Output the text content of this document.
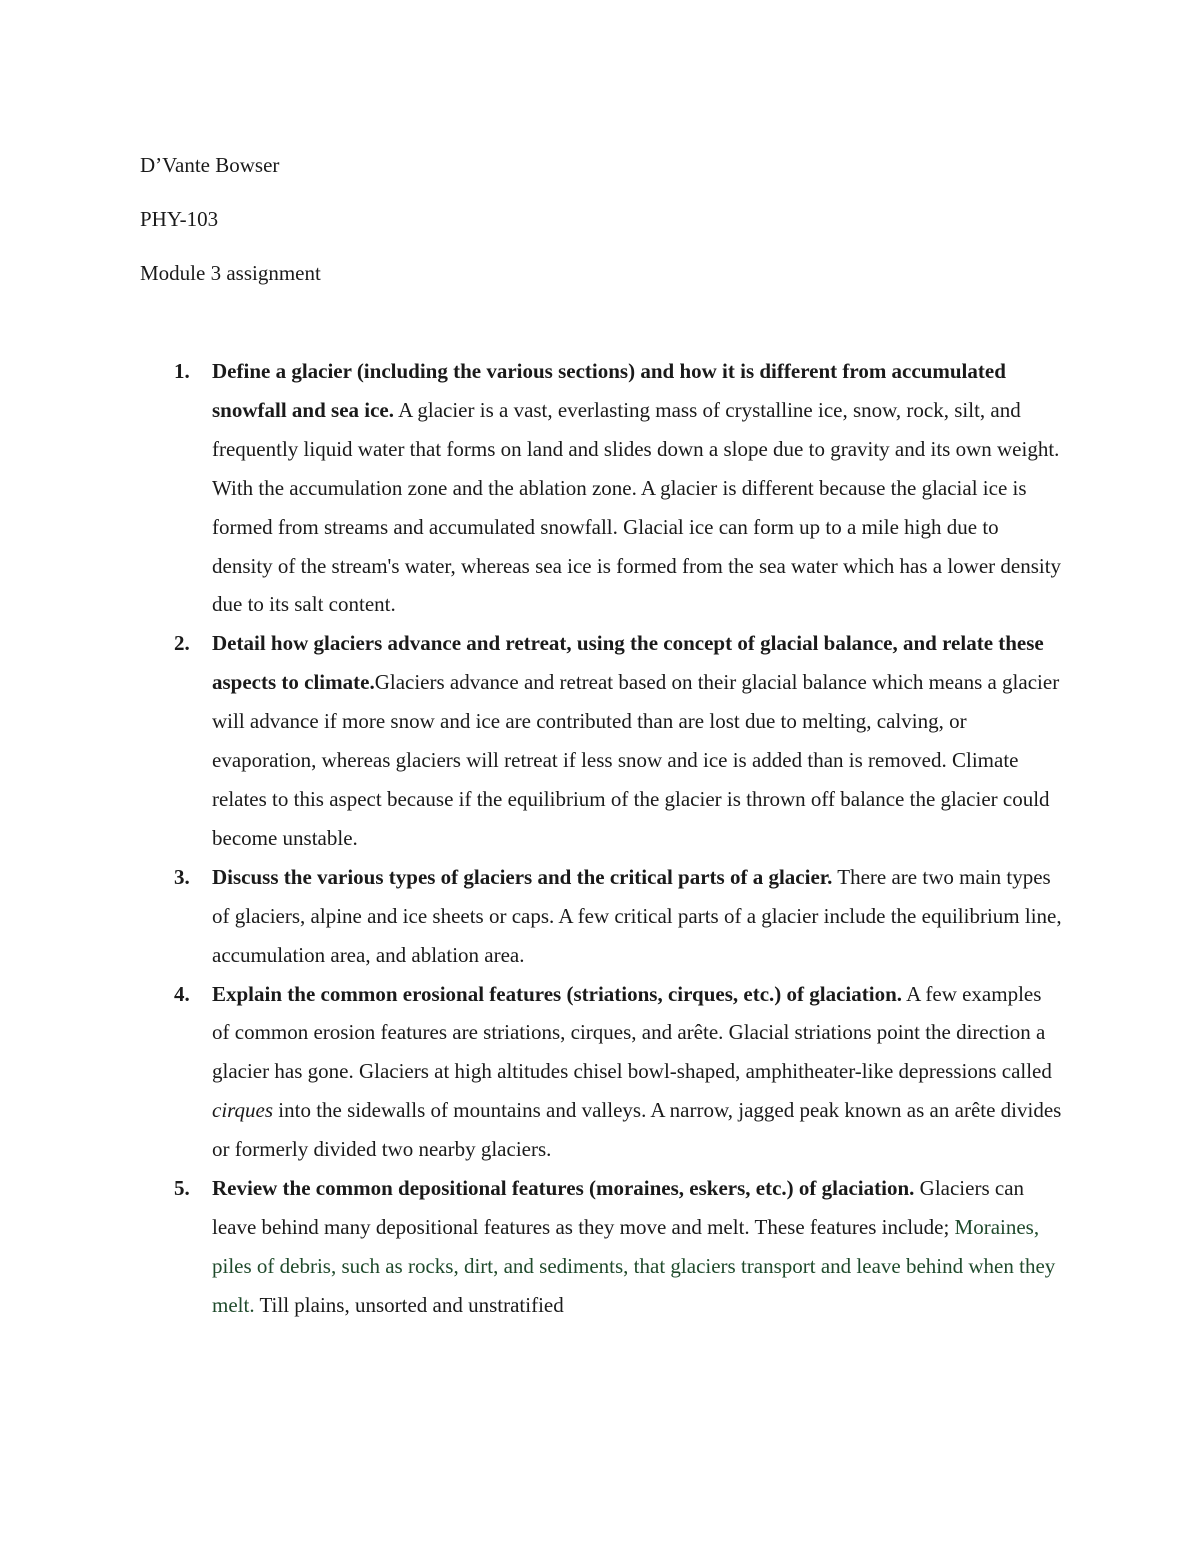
D’Vante Bowser
PHY-103
Module 3 assignment
1. Define a glacier (including the various sections) and how it is different from accumulated snowfall and sea ice. A glacier is a vast, everlasting mass of crystalline ice, snow, rock, silt, and frequently liquid water that forms on land and slides down a slope due to gravity and its own weight. With the accumulation zone and the ablation zone. A glacier is different because the glacial ice is formed from streams and accumulated snowfall. Glacial ice can form up to a mile high due to density of the stream's water, whereas sea ice is formed from the sea water which has a lower density due to its salt content.
2. Detail how glaciers advance and retreat, using the concept of glacial balance, and relate these aspects to climate.Glaciers advance and retreat based on their glacial balance which means a glacier will advance if more snow and ice are contributed than are lost due to melting, calving, or evaporation, whereas glaciers will retreat if less snow and ice is added than is removed. Climate relates to this aspect because if the equilibrium of the glacier is thrown off balance the glacier could become unstable.
3. Discuss the various types of glaciers and the critical parts of a glacier. There are two main types of glaciers, alpine and ice sheets or caps. A few critical parts of a glacier include the equilibrium line, accumulation area, and ablation area.
4. Explain the common erosional features (striations, cirques, etc.) of glaciation. A few examples of common erosion features are striations, cirques, and arête. Glacial striations point the direction a glacier has gone. Glaciers at high altitudes chisel bowl-shaped, amphitheater-like depressions called cirques into the sidewalls of mountains and valleys. A narrow, jagged peak known as an arête divides or formerly divided two nearby glaciers.
5. Review the common depositional features (moraines, eskers, etc.) of glaciation. Glaciers can leave behind many depositional features as they move and melt. These features include; Moraines, piles of debris, such as rocks, dirt, and sediments, that glaciers transport and leave behind when they melt. Till plains, unsorted and unstratified
